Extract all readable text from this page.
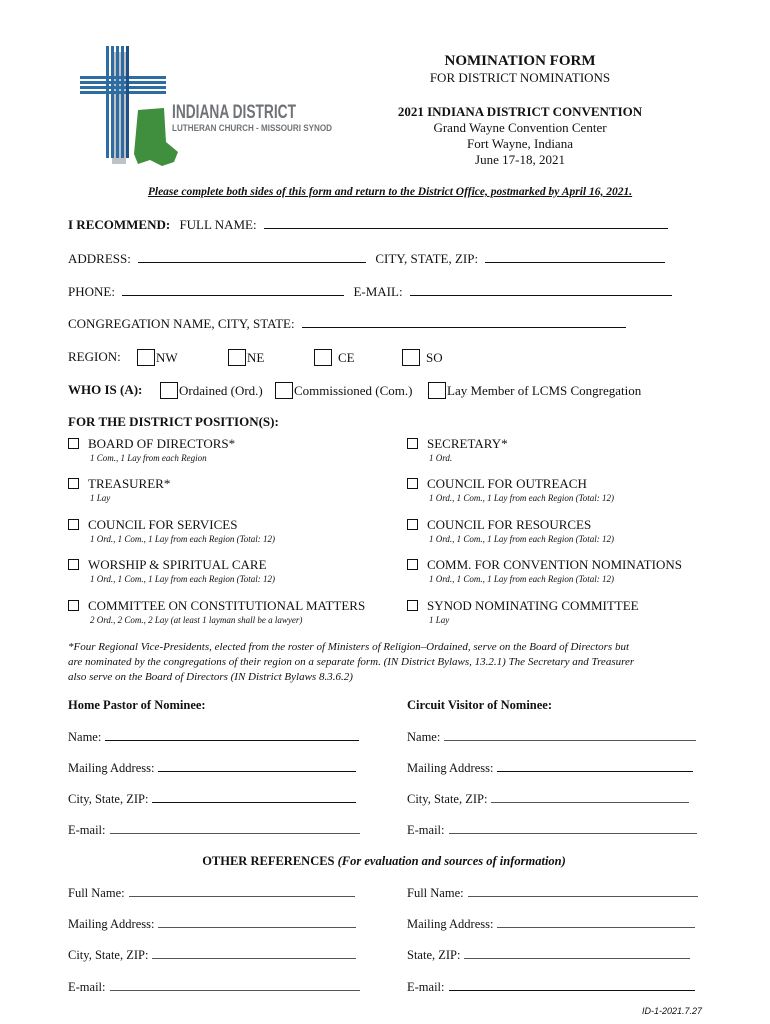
INDIANA DISTRICT
LUTHERAN CHURCH - MISSOURI SYNOD
NOMINATION FORM
FOR DISTRICT NOMINATIONS
2021 INDIANA DISTRICT CONVENTION
Grand Wayne Convention Center
Fort Wayne, Indiana
June 17-18, 2021
Please complete both sides of this form and return to the District Office, postmarked by April 16, 2021.
I RECOMMEND: FULL NAME:
ADDRESS:	CITY, STATE, ZIP:
PHONE:	E-MAIL:
CONGREGATION NAME, CITY, STATE:
REGION:	NW	NE	CE	SO
WHO IS (A):	Ordained (Ord.)	Commissioned (Com.)	Lay Member of LCMS Congregation
FOR THE DISTRICT POSITION(S):
BOARD OF DIRECTORS*
1 Com., 1 Lay from each Region
SECRETARY*
1 Ord.
TREASURER*
1 Lay
COUNCIL FOR OUTREACH
1 Ord., 1 Com., 1 Lay from each Region (Total: 12)
COUNCIL FOR SERVICES
1 Ord., 1 Com., 1 Lay from each Region (Total: 12)
COUNCIL FOR RESOURCES
1 Ord., 1 Com., 1 Lay from each Region (Total: 12)
WORSHIP & SPIRITUAL CARE
1 Ord., 1 Com., 1 Lay from each Region (Total: 12)
COMM. FOR CONVENTION NOMINATIONS
1 Ord., 1 Com., 1 Lay from each Region (Total: 12)
COMMITTEE ON CONSTITUTIONAL MATTERS
2 Ord., 2 Com., 2 Lay (at least 1 layman shall be a lawyer)
SYNOD NOMINATING COMMITTEE
1 Lay
*Four Regional Vice-Presidents, elected from the roster of Ministers of Religion–Ordained, serve on the Board of Directors but
are nominated by the congregations of their region on a separate form. (IN District Bylaws, 13.2.1) The Secretary and Treasurer
also serve on the Board of Directors (IN District Bylaws 8.3.6.2)
Home Pastor of Nominee:	Circuit Visitor of Nominee:
Name:	Name:
Mailing Address:	Mailing Address:
City, State, ZIP:	City, State, ZIP:
E-mail:	E-mail:
OTHER REFERENCES (For evaluation and sources of information)
Full Name:	Full Name:
Mailing Address:	Mailing Address:
City, State, ZIP:	State, ZIP:
E-mail:	E-mail:
ID-1-2021.7.27
